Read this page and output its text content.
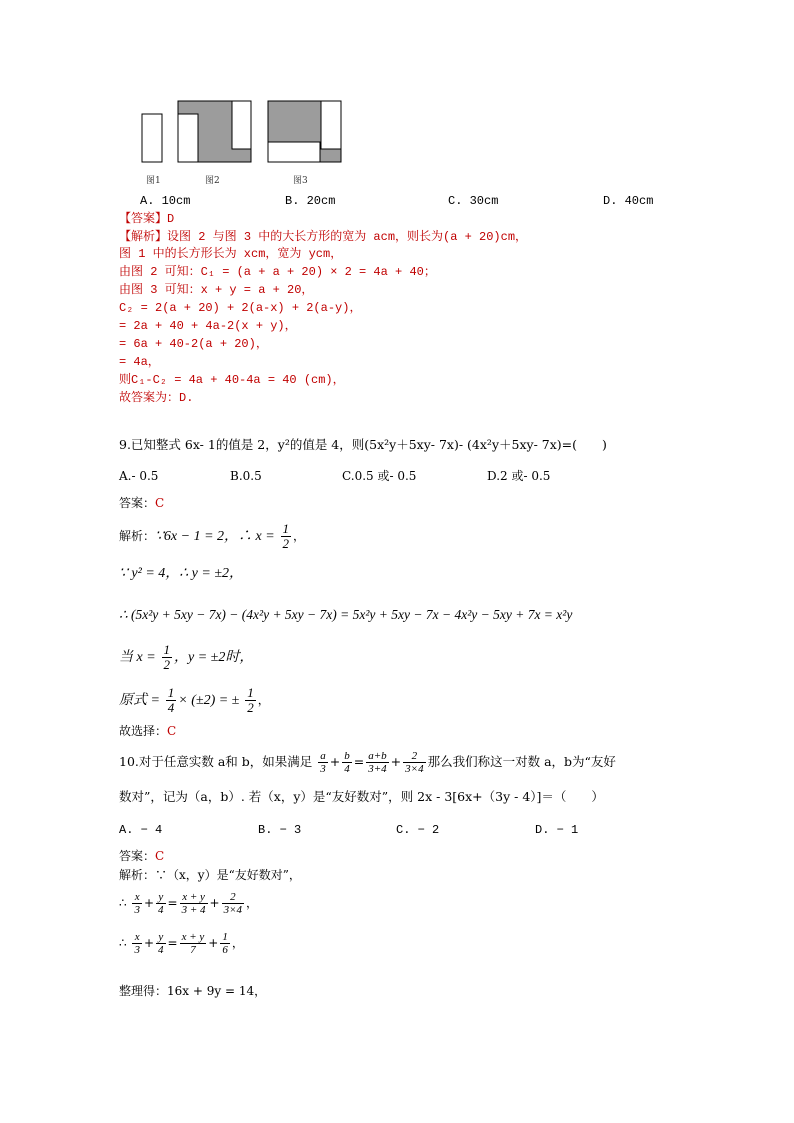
图1	图2	图3
A. 10cm	B. 20cm	C. 30cm	D. 40cm
【答案】D
【解析】设图 2 与图 3 中的大长方形的宽为 acm，则长为(a + 20)cm，
图 1 中的长方形长为 xcm，宽为 ycm，
由图 2 可知：C₁ = (a + a + 20) × 2 = 4a + 40；
由图 3 可知：x + y = a + 20，
C₂ = 2(a + 20) + 2(a-x) + 2(a-y)，
= 2a + 40 + 4a-2(x + y)，
= 6a + 40-2(a + 20)，
= 4a，
则C₁-C₂ = 4a + 40-4a = 40 (cm)，
故答案为：D.
9.已知整式 6x- 1的值是 2，y²的值是 4，则(5x²y＋5xy- 7x)- (4x²y＋5xy- 7x)=(　　)
A.- 0.5	B.0.5	C.0.5 或- 0.5	D.2 或- 0.5
答案：C
解析：∵6x − 1 = 2，∴ $x = \frac{1}{2}$ ，
∵ y² = 4，∴ y = ±2，
∴ (5x²y + 5xy − 7x) − (4x²y + 5xy − 7x) = 5x²y + 5xy − 7x − 4x²y − 5xy + 7x = x²y
当 $x = \frac{1}{2}$ ，y = ±2时，
原式 = $\frac{1}{4} \times (\pm 2)$ = ± $\frac{1}{2}$ ，
故选择：C
10.对于任意实数 a和 b，如果满足 $\frac{a}{3} + \frac{b}{4} = \frac{a+b}{3+4} + \frac{2}{3\times 4}$ 那么我们称这一对数 a，b为“友好
数对”，记为（a，b）. 若（x，y）是“友好数对”，则 2x - 3[6x+（3y - 4）]＝（　　）
A. − 4	B. − 3	C. − 2	D. − 1
答案：C
解析：∵（x，y）是“友好数对”，
∴ $\frac{x}{3} + \frac{y}{4} = \frac{x + y}{3 + 4} + \frac{2}{3\times 4}$ ，
∴ $\frac{x}{3} + \frac{y}{4} = \frac{x + y}{7} + \frac{1}{6}$ ，
整理得：16x + 9y = 14，
